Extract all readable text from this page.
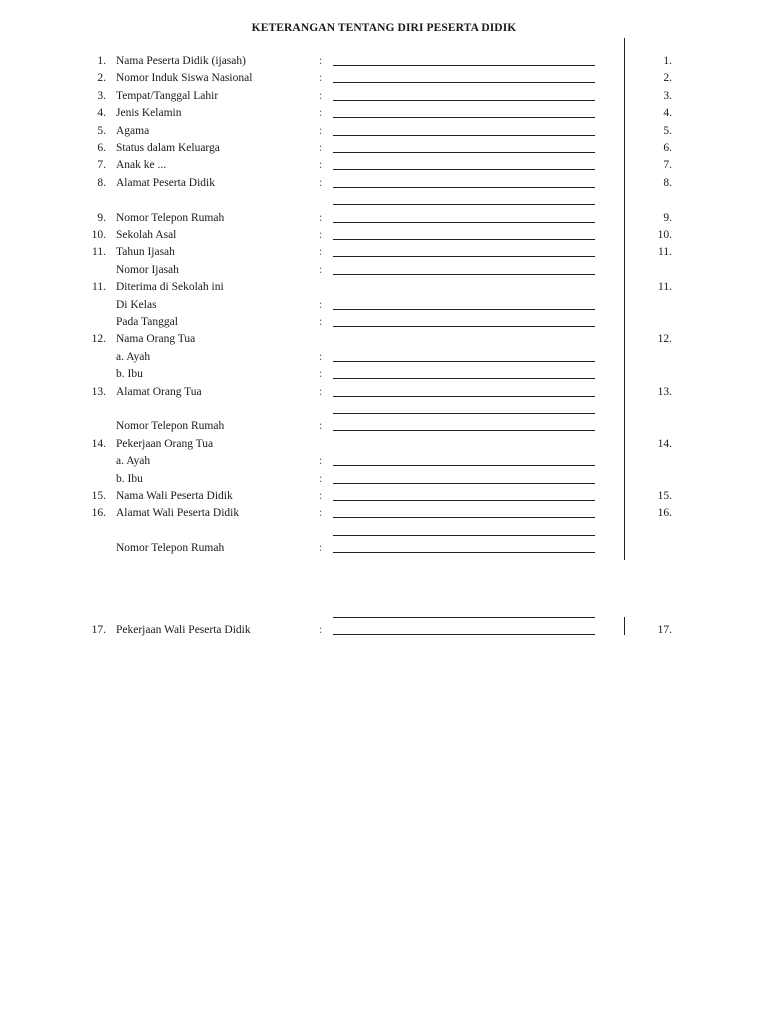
KETERANGAN TENTANG DIRI PESERTA DIDIK
1. Nama Peserta Didik (ijasah)	:	1.
2. Nomor Induk Siswa Nasional	:	2.
3. Tempat/Tanggal Lahir	:	3.
4. Jenis Kelamin	:	4.
5. Agama	:	5.
6. Status dalam Keluarga	:	6.
7. Anak ke ...	:	7.
8. Alamat Peserta Didik	:	8.
9. Nomor Telepon Rumah	:	9.
10. Sekolah Asal	:	10.
11. Tahun Ijasah	:	11.
Nomor Ijasah	:
11. Diterima di Sekolah ini	11.
Di Kelas	:
Pada Tanggal	:
12. Nama Orang Tua	12.
a. Ayah	:
b. Ibu	:
13. Alamat Orang Tua	:	13.
Nomor Telepon Rumah	:
14. Pekerjaan Orang Tua	14.
a. Ayah	:
b. Ibu	:
15. Nama Wali Peserta Didik	:	15.
16. Alamat Wali Peserta Didik	:	16.
Nomor Telepon Rumah	:
17. Pekerjaan Wali Peserta Didik	:	17.
